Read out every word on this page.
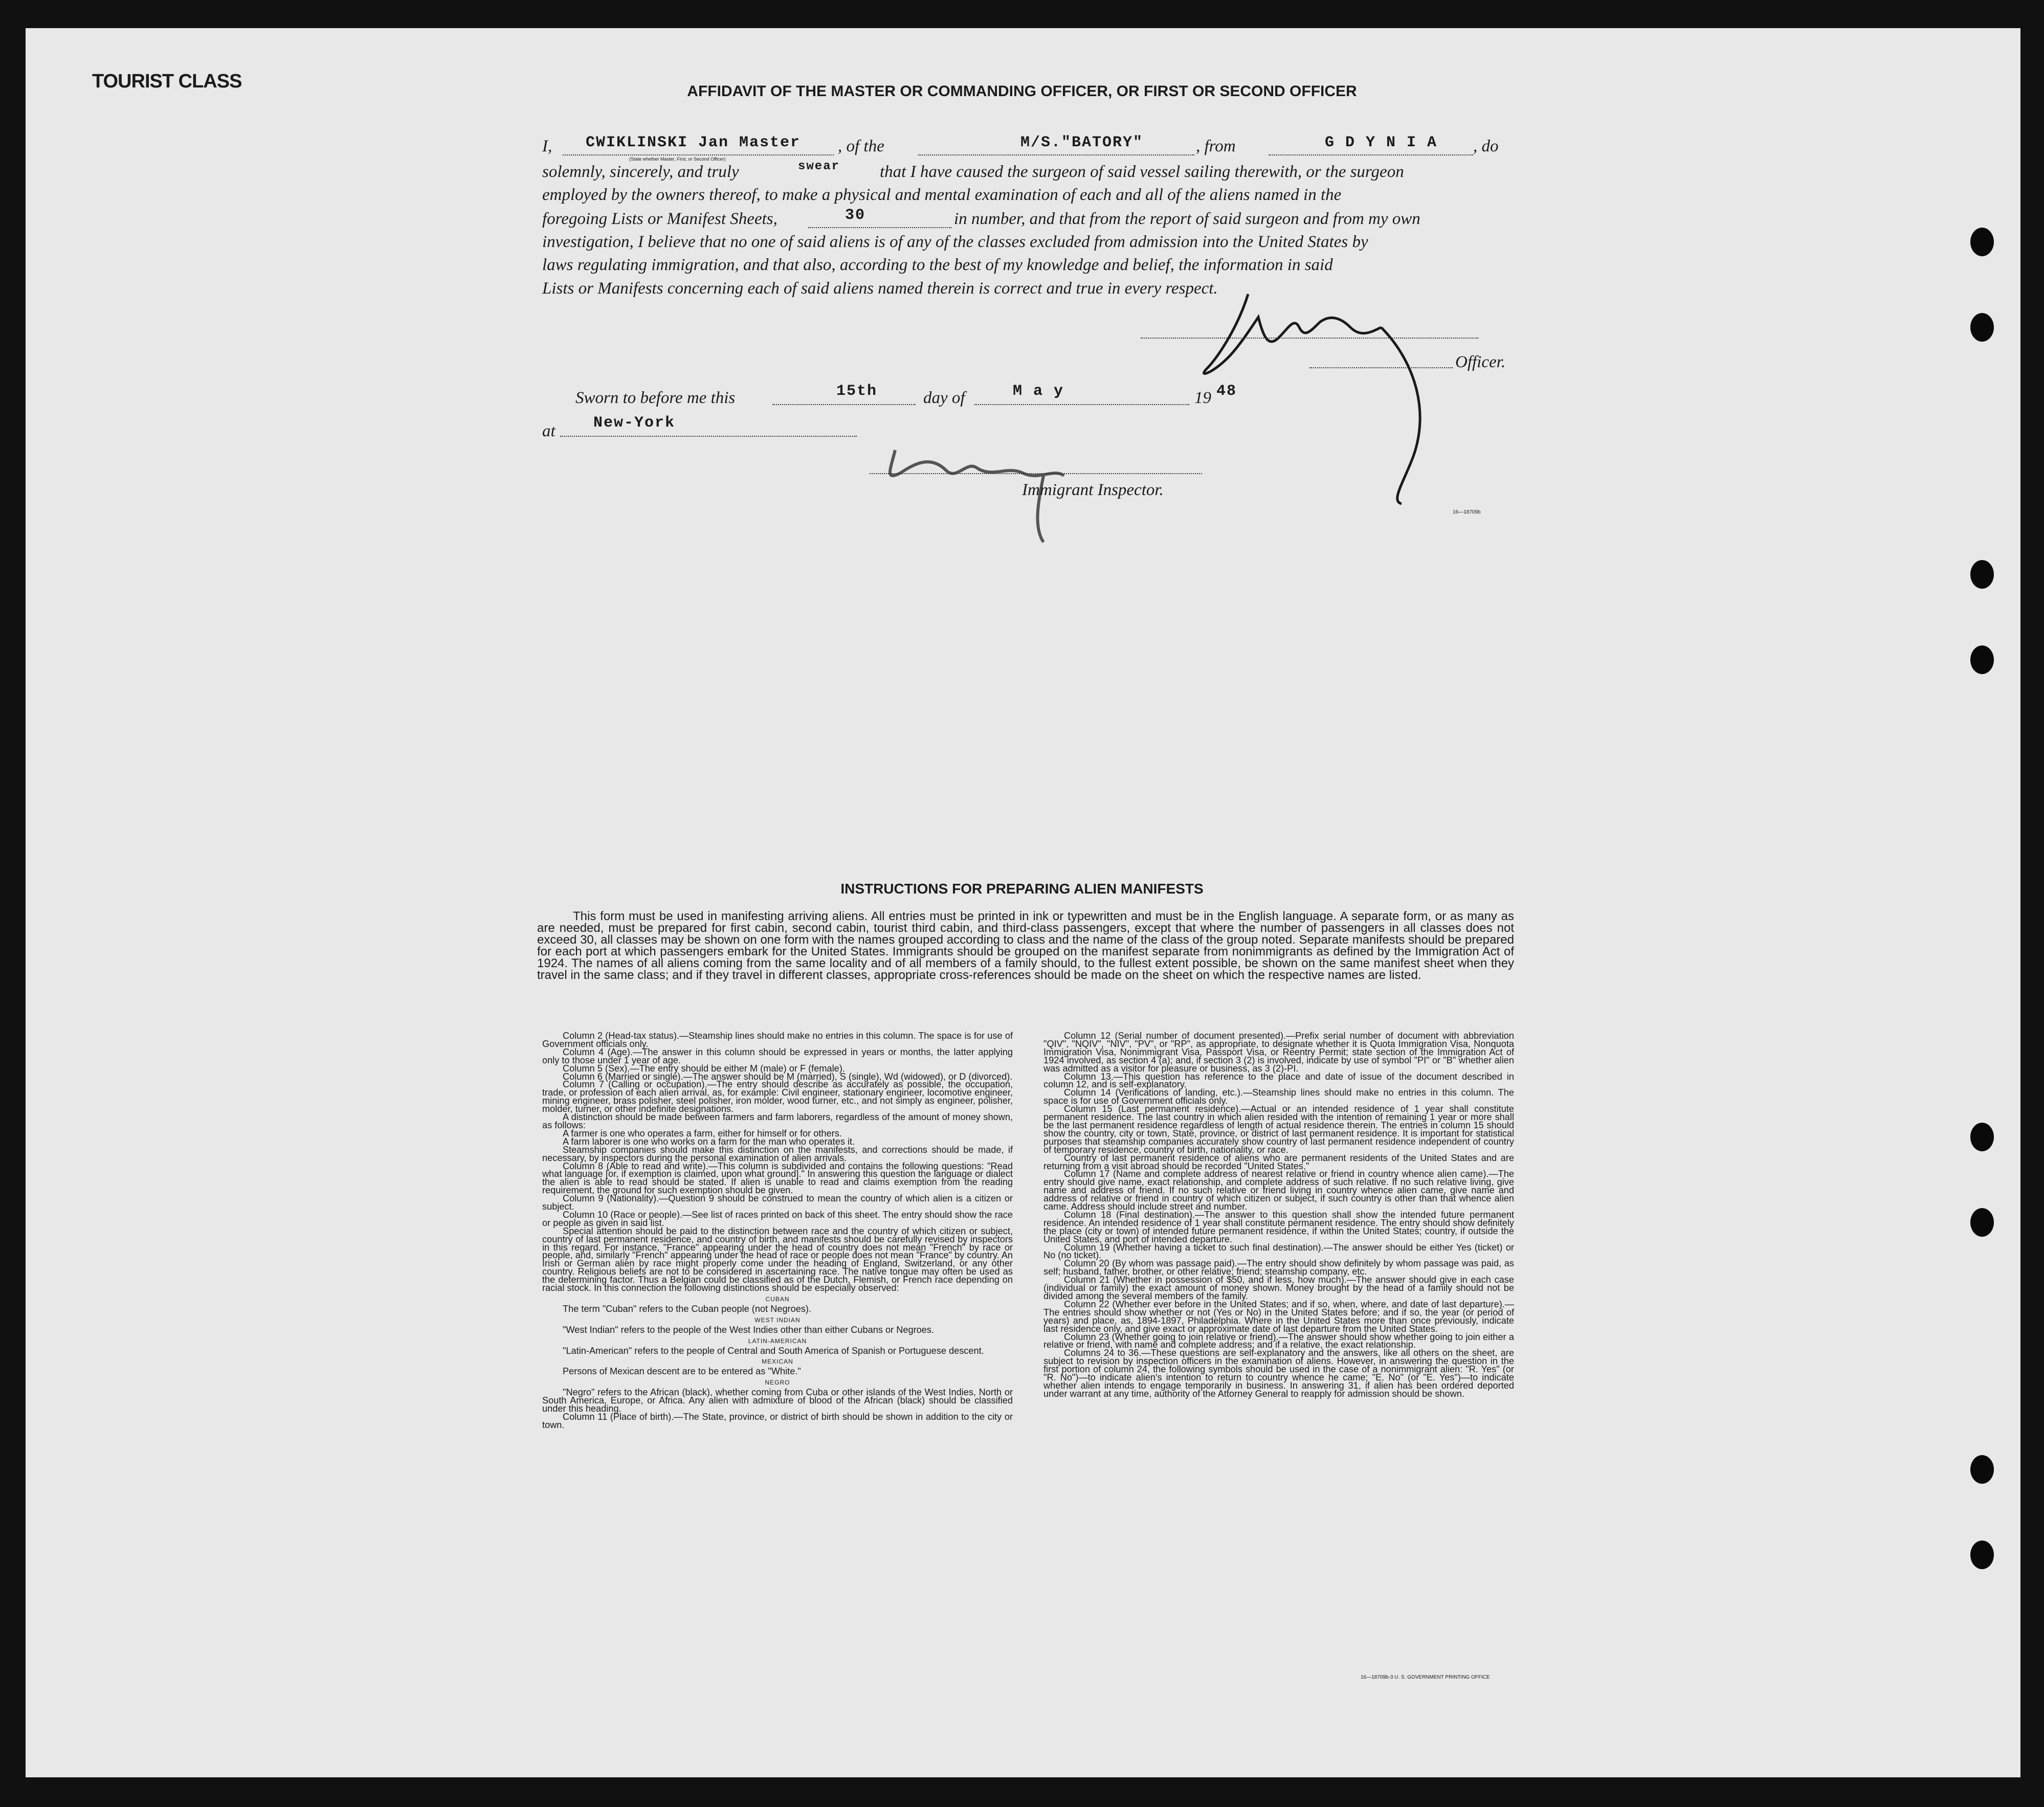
TOURIST CLASS	AFFIDAVIT OF THE MASTER OR COMMANDING OFFICER, OR FIRST OR SECOND OFFICER
I, CWIKLINSKI Jan Master , of the	M/S."BATORY"	, from	G D Y N I A , do
(State whether Master, First, or Second Officer)
solemnly, sincerely, and truly	swear that I have caused the surgeon of said vessel sailing therewith, or the surgeon
employed by the owners thereof, to make a physical and mental examination of each and all of the aliens named in the
foregoing Lists or Manifest Sheets,	30	in number, and that from the report of said surgeon and from my own
investigation, I believe that no one of said aliens is of any of the classes excluded from admission into the United States by
laws regulating immigration, and that also, according to the best of my knowledge and belief, the information in said
Lists or Manifests concerning each of said aliens named therein is correct and true in every respect.
Officer.
Sworn to before me this	15th	day of	M a y	19 48
at New-York
Immigrant Inspector.
16—18709b
INSTRUCTIONS FOR PREPARING ALIEN MANIFESTS
This form must be used in manifesting arriving aliens. All entries must be printed in ink or typewritten and must be in the English language. A separate form, or as many as are needed, must be prepared for first cabin, second cabin, tourist third cabin, and third-class passengers, except that where the number of passengers in all classes does not exceed 30, all classes may be shown on one form with the names grouped according to class and the name of the class of the group noted. Separate manifests should be prepared for each port at which passengers embark for the United States. Immigrants should be grouped on the manifest separate from nonimmigrants as defined by the Immigration Act of 1924. The names of all aliens coming from the same locality and of all members of a family should, to the fullest extent possible, be shown on the same manifest sheet when they travel in the same class; and if they travel in different classes, appropriate cross-references should be made on the sheet on which the respective names are listed.

Column 2 (Head-tax status).—Steamship lines should make no entries in this column. The space is for use of Government officials only.

Column 4 (Age).—The answer in this column should be expressed in years or months, the latter applying only to those under 1 year of age.

Column 5 (Sex).—The entry should be either M (male) or F (female).

Column 6 (Married or single).—The answer should be M (married), S (single), Wd (widowed), or D (divorced).

Column 7 (Calling or occupation).—The entry should describe as accurately as possible, the occupation, trade, or profession of each alien arrival, as, for example: Civil engineer, stationary engineer, locomotive engineer, mining engineer, brass polisher, steel polisher, iron molder, wood turner, etc., and not simply as engineer, polisher, molder, turner, or other indefinite designations.

A distinction should be made between farmers and farm laborers, regardless of the amount of money shown, as follows:

A farmer is one who operates a farm, either for himself or for others.

A farm laborer is one who works on a farm for the man who operates it.

Steamship companies should make this distinction on the manifests, and corrections should be made, if necessary, by inspectors during the personal examination of alien arrivals.

Column 8 (Able to read and write).—This column is subdivided and contains the following questions: "Read what language [or, if exemption is claimed, upon what ground]." In answering this question the language or dialect the alien is able to read should be stated. If alien is unable to read and claims exemption from the reading requirement, the ground for such exemption should be given.

Column 9 (Nationality).—Question 9 should be construed to mean the country of which alien is a citizen or subject.

Column 10 (Race or people).—See list of races printed on back of this sheet. The entry should show the race or people as given in said list.

Special attention should be paid to the distinction between race and the country of which citizen or subject, country of last permanent residence, and country of birth, and manifests should be carefully revised by inspectors in this regard. For instance, "France" appearing under the head of country does not mean "French" by race or people, and, similarly "French" appearing under the head of race or people does not mean "France" by country. An Irish or German alien by race might properly come under the heading of England, Switzerland, or any other country. Religious beliefs are not to be considered in ascertaining race. The native tongue may often be used as the determining factor. Thus a Belgian could be classified as of the Dutch, Flemish, or French race depending on racial stock. In this connection the following distinctions should be especially observed:

CUBAN

The term "Cuban" refers to the Cuban people (not Negroes).

WEST INDIAN

"West Indian" refers to the people of the West Indies other than either Cubans or Negroes.

LATIN-AMERICAN

"Latin-American" refers to the people of Central and South America of Spanish or Portuguese descent.

MEXICAN

Persons of Mexican descent are to be entered as "White."

NEGRO

"Negro" refers to the African (black), whether coming from Cuba or other islands of the West Indies, North or South America, Europe, or Africa. Any alien with admixture of blood of the African (black) should be classified under this heading.

Column 11 (Place of birth).—The State, province, or district of birth should be shown in addition to the city or town.

Column 12 (Serial number of document presented).—Prefix serial number of document with abbreviation "QIV", "NQIV", "NIV", "PV", or "RP", as appropriate, to designate whether it is Quota Immigration Visa, Nonquota Immigration Visa, Nonimmigrant Visa, Passport Visa, or Reentry Permit; state section of the Immigration Act of 1924 involved, as section 4 (a); and, if section 3 (2) is involved, indicate by use of symbol "PI" or "B" whether alien was admitted as a visitor for pleasure or business, as 3 (2)-PI.

Column 13.—This question has reference to the place and date of issue of the document described in column 12, and is self-explanatory.

Column 14 (Verifications of landing, etc.).—Steamship lines should make no entries in this column. The space is for use of Government officials only.

Column 15 (Last permanent residence).—Actual or an intended residence of 1 year shall constitute permanent residence. The last country in which alien resided with the intention of remaining 1 year or more shall be the last permanent residence regardless of length of actual residence therein. The entries in column 15 should show the country, city or town, State, province, or district of last permanent residence. It is important for statistical purposes that steamship companies accurately show country of last permanent residence independent of country of temporary residence, country of birth, nationality, or race.

Country of last permanent residence of aliens who are permanent residents of the United States and are returning from a visit abroad should be recorded "United States."

Column 17 (Name and complete address of nearest relative or friend in country whence alien came).—The entry should give name, exact relationship, and complete address of such relative. If no such relative living, give name and address of friend. If no such relative or friend living in country whence alien came, give name and address of relative or friend in country of which citizen or subject, if such country is other than that whence alien came. Address should include street and number.

Column 18 (Final destination).—The answer to this question shall show the intended future permanent residence. An intended residence of 1 year shall constitute permanent residence. The entry should show definitely the place (city or town) of intended future permanent residence, if within the United States; country, if outside the United States, and port of intended departure.

Column 19 (Whether having a ticket to such final destination).—The answer should be either Yes (ticket) or No (no ticket).

Column 20 (By whom was passage paid).—The entry should show definitely by whom passage was paid, as self; husband, father, brother, or other relative; friend; steamship company, etc.

Column 21 (Whether in possession of $50, and if less, how much).—The answer should give in each case (individual or family) the exact amount of money shown. Money brought by the head of a family should not be divided among the several members of the family.

Column 22 (Whether ever before in the United States; and if so, when, where, and date of last departure).—The entries should show whether or not (Yes or No) in the United States before; and if so, the year (or period of years) and place, as, 1894-1897, Philadelphia. Where in the United States more than once previously, indicate last residence only, and give exact or approximate date of last departure from the United States.

Column 23 (Whether going to join relative or friend).—The answer should show whether going to join either a relative or friend, with name and complete address; and if a relative, the exact relationship.

Columns 24 to 36.—These questions are self-explanatory and the answers, like all others on the sheet, are subject to revision by inspection officers in the examination of aliens. However, in answering the question in the first portion of column 24, the following symbols should be used in the case of a nonimmigrant alien: "R. Yes" (or "R. No")—to indicate alien's intention to return to country whence he came; "E. No" (or "E. Yes")—to indicate whether alien intends to engage temporarily in business. In answering 31, if alien has been ordered deported under warrant at any time, authority of the Attorney General to reapply for admission should be shown.

16—18709b-3 U. S. GOVERNMENT PRINTING OFFICE
